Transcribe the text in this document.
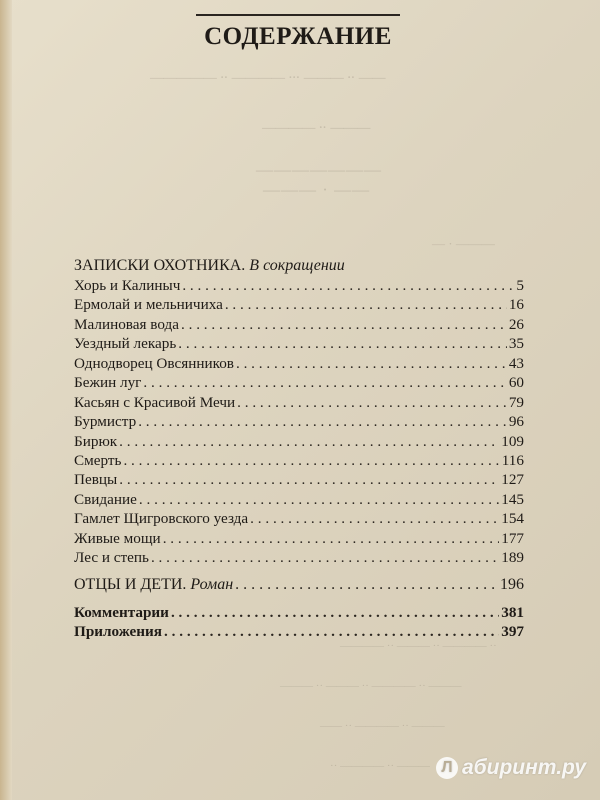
—— ·· ——— ··· ———— ·· —————
——— ·· ————
———————
—— · ———
——— · —
·· ———— ·· ——— ·· ————
——— ·· ———— ·· ——— ·· ———
——— ·· ———— ·· ——
——— ·· ———— ··
СОДЕРЖАНИЕ
ЗАПИСКИ ОХОТНИКА. В сокращении
Хорь и Калиныч . . .	5
Ермолай и мельничиха . . .	16
Малиновая вода . . .	26
Уездный лекарь . . .	35
Однодворец Овсянников . . .	43
Бежин луг . . .	60
Касьян с Красивой Мечи . . .	79
Бурмистр . . .	96
Бирюк . . .	109
Смерть . . .	116
Певцы . . .	127
Свидание . . .	145
Гамлет Щигровского уезда . . .	154
Живые мощи . . .	177
Лес и степь . . .	189
ОТЦЫ И ДЕТИ. Роман . . .	196
Комментарии . . .	381
Приложения . . .	397
Л абиринт.ру
